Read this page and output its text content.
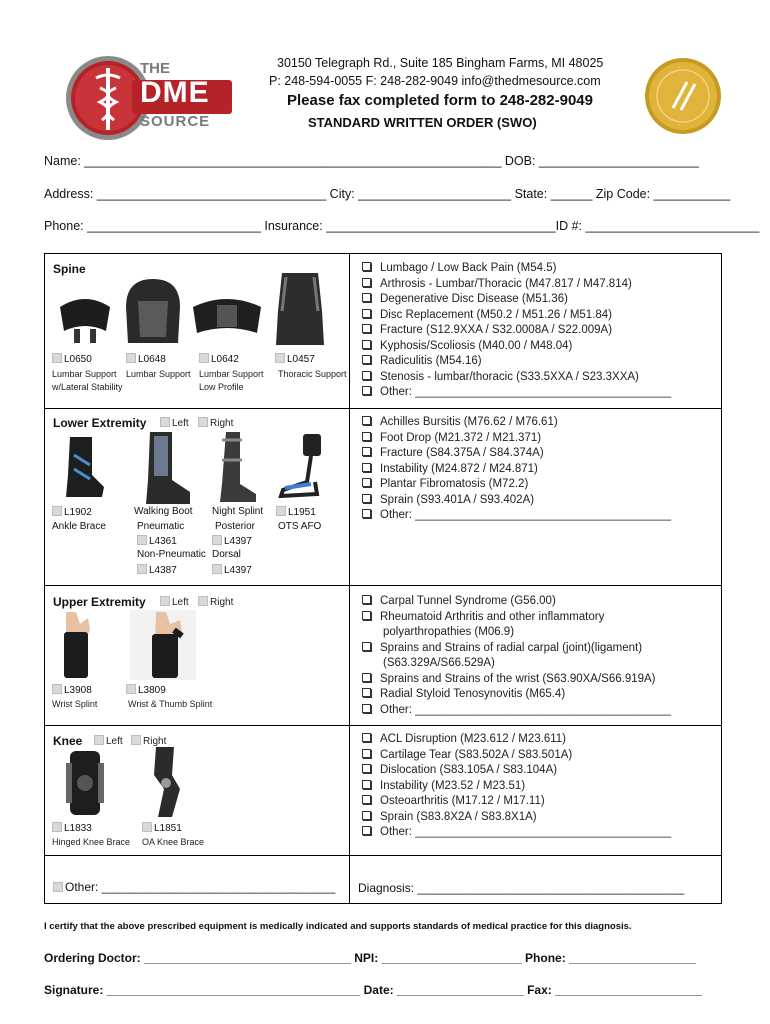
THE
DME
SOURCE
30150 Telegraph Rd., Suite 185 Bingham Farms, MI 48025
P: 248-594-0055 F: 248-282-9049 info@thedmesource.com
Please fax completed form to 248-282-9049
STANDARD WRITTEN ORDER (SWO)
Name: ____________________________________________________________ DOB: _______________________
Address: _________________________________ City: ______________________ State: ______ Zip Code: ___________
Phone: _________________________ Insurance: _________________________________ID #: _________________________
Spine
L0650
Lumbar Support
w/Lateral Stability
L0648
Lumbar Support
L0642
Lumbar Support
Low Profile
L0457
Thoracic Support
Lumbago / Low Back Pain (M54.5)
Arthrosis - Lumbar/Thoracic (M47.817 / M47.814)
Degenerative Disc Disease (M51.36)
Disc Replacement (M50.2 / M51.26 / M51.84)
Fracture (S12.9XXA / S32.0008A / S22.009A)
Kyphosis/Scoliosis (M40.00 / M48.04)
Radiculitis (M54.16)
Stenosis - lumbar/thoracic (S33.5XXA / S23.3XXA)
Other: ________________________________________
Lower Extremity	Left	Right
L1902
Ankle Brace
Walking Boot
Pneumatic
L4361
Non-Pneumatic
L4387
Night Splint
Posterior
L4397
Dorsal
L4397
L1951
OTS AFO
Achilles Bursitis (M76.62 / M76.61)
Foot Drop (M21.372 / M21.371)
Fracture (S84.375A / S84.374A)
Instability (M24.872 / M24.871)
Plantar Fibromatosis (M72.2)
Sprain (S93.401A / S93.402A)
Other: ________________________________________
Upper Extremity	Left	Right
L3908
Wrist Splint
L3809
Wrist & Thumb Splint
Carpal Tunnel Syndrome (G56.00)
Rheumatoid Arthritis and other inflammatory
polyarthropathies (M06.9)
Sprains and Strains of radial carpal (joint)(ligament)
(S63.329A/S66.529A)
Sprains and Strains of the wrist (S63.90XA/S66.919A)
Radial Styloid Tenosynovitis (M65.4)
Other: ________________________________________
Knee	Left	Right
L1833
Hinged Knee Brace
L1851
OA Knee Brace
ACL Disruption (M23.612 / M23.611)
Cartilage Tear (S83.502A / S83.501A)
Dislocation (S83.105A / S83.104A)
Instability (M23.52 / M23.51)
Osteoarthritis (M17.12 / M17.11)
Sprain (S83.8X2A / S83.8X1A)
Other: ________________________________________
Other: ___________________________________ Diagnosis: ________________________________________
I certify that the above prescribed equipment is medically indicated and supports standards of medical practice for this diagnosis.
Ordering Doctor: _______________________________ NPI: _____________________ Phone: ___________________
Signature: ______________________________________ Date: ___________________ Fax: ______________________
